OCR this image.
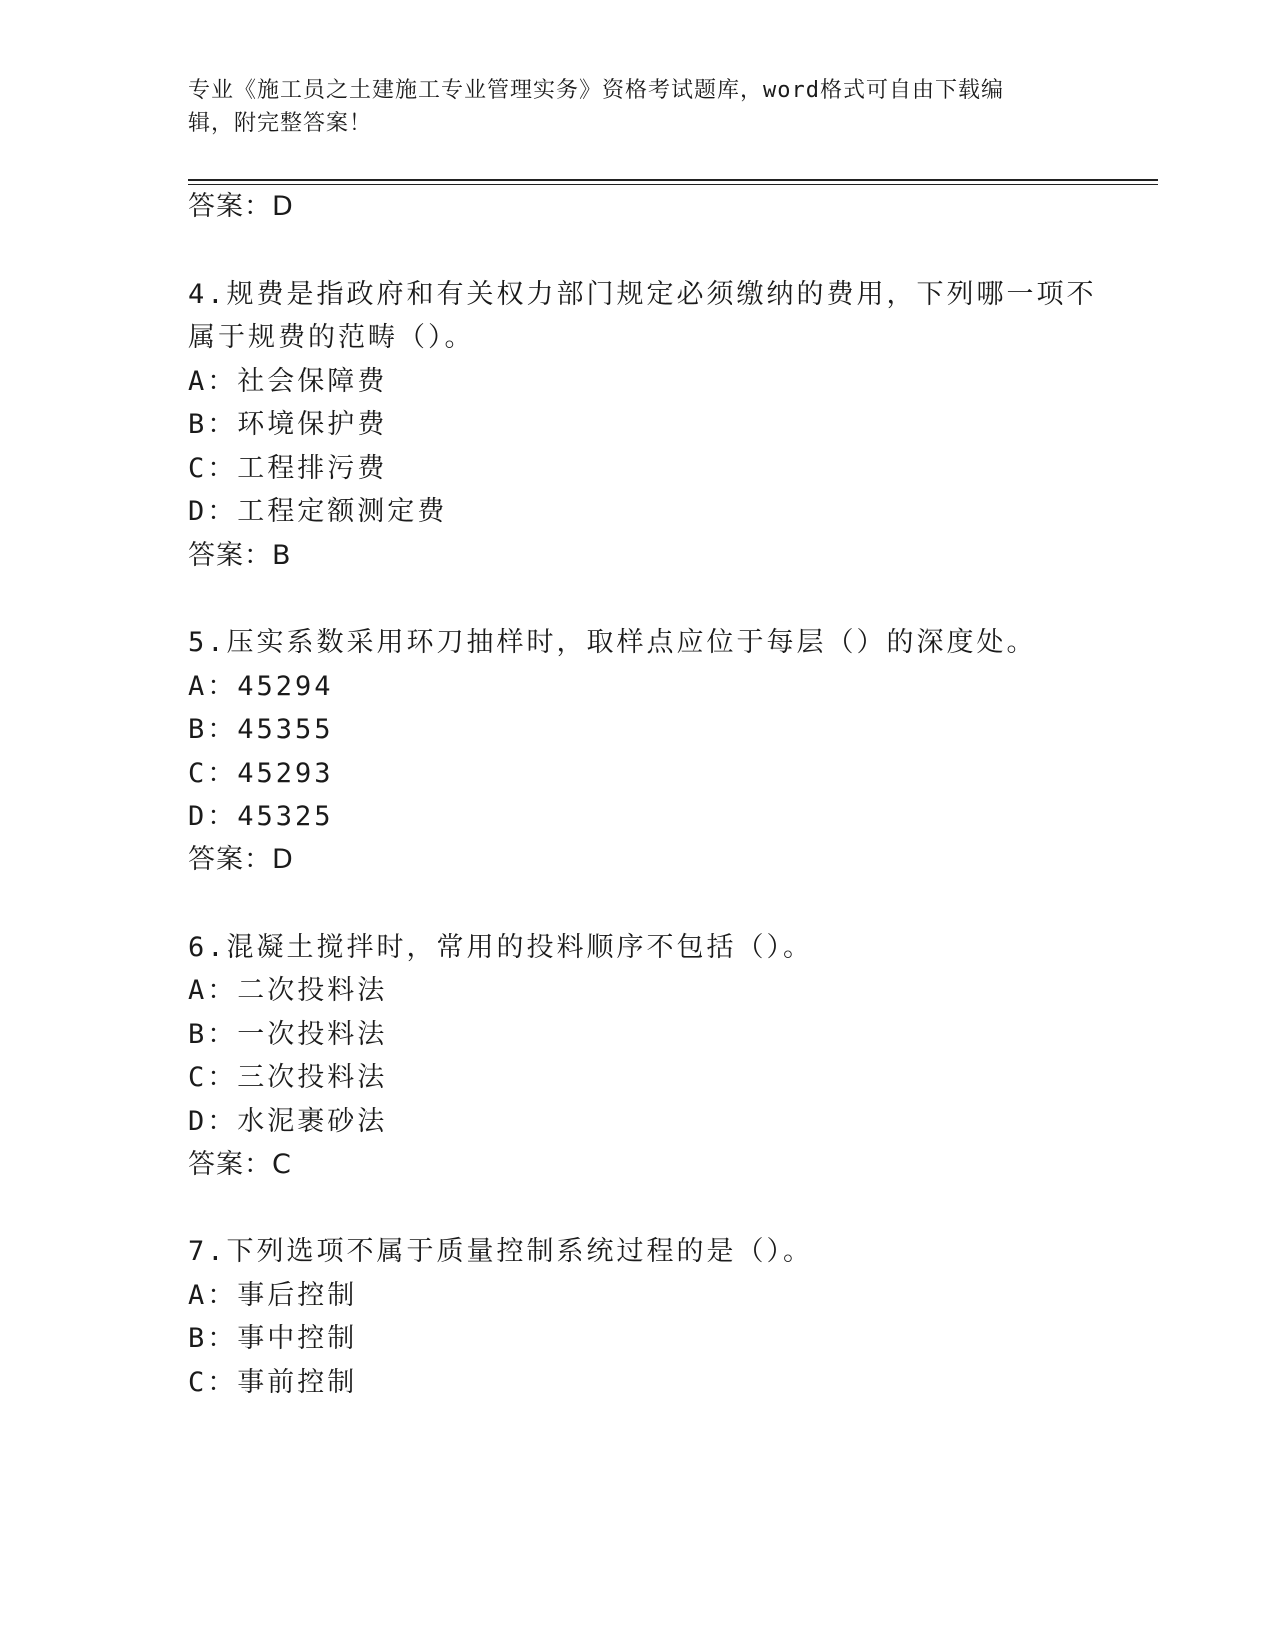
专业《施工员之土建施工专业管理实务》资格考试题库，word格式可自由下载编
辑，附完整答案！
答案：D
4.规费是指政府和有关权力部门规定必须缴纳的费用，下列哪一项不
属于规费的范畴（）。
A：社会保障费
B：环境保护费
C：工程排污费
D：工程定额测定费
答案：B
5.压实系数采用环刀抽样时，取样点应位于每层（）的深度处。
A：45294
B：45355
C：45293
D：45325
答案：D
6.混凝土搅拌时，常用的投料顺序不包括（）。
A：二次投料法
B：一次投料法
C：三次投料法
D：水泥裹砂法
答案：C
7.下列选项不属于质量控制系统过程的是（）。
A：事后控制
B：事中控制
C：事前控制
